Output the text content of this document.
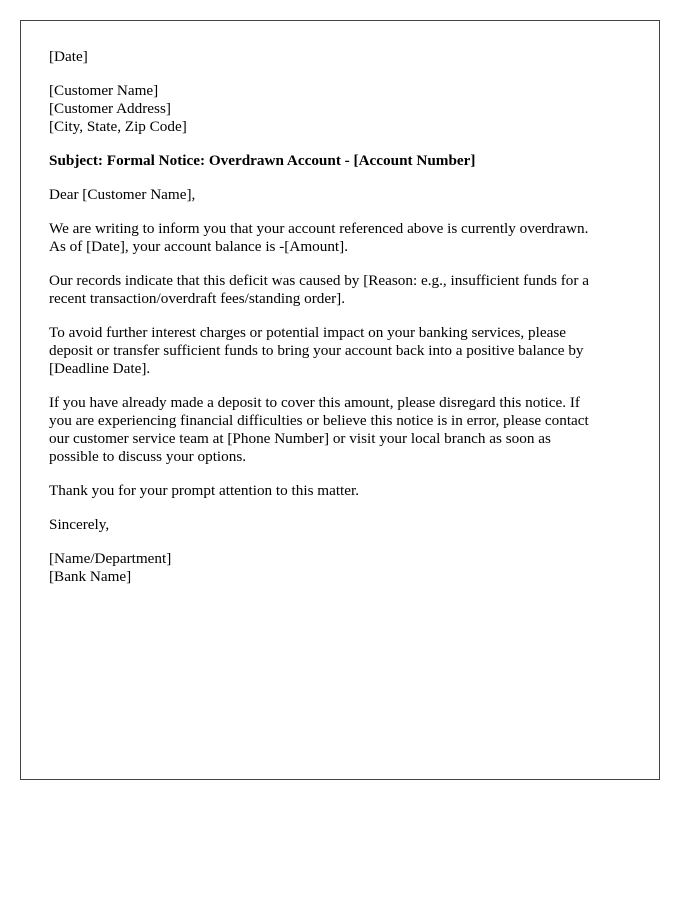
[Date]
[Customer Name]
[Customer Address]
[City, State, Zip Code]
Subject: Formal Notice: Overdrawn Account - [Account Number]
Dear [Customer Name],
We are writing to inform you that your account referenced above is currently overdrawn.
As of [Date], your account balance is -[Amount].
Our records indicate that this deficit was caused by [Reason: e.g., insufficient funds for a
recent transaction/overdraft fees/standing order].
To avoid further interest charges or potential impact on your banking services, please
deposit or transfer sufficient funds to bring your account back into a positive balance by
[Deadline Date].
If you have already made a deposit to cover this amount, please disregard this notice. If
you are experiencing financial difficulties or believe this notice is in error, please contact
our customer service team at [Phone Number] or visit your local branch as soon as
possible to discuss your options.
Thank you for your prompt attention to this matter.
Sincerely,
[Name/Department]
[Bank Name]
